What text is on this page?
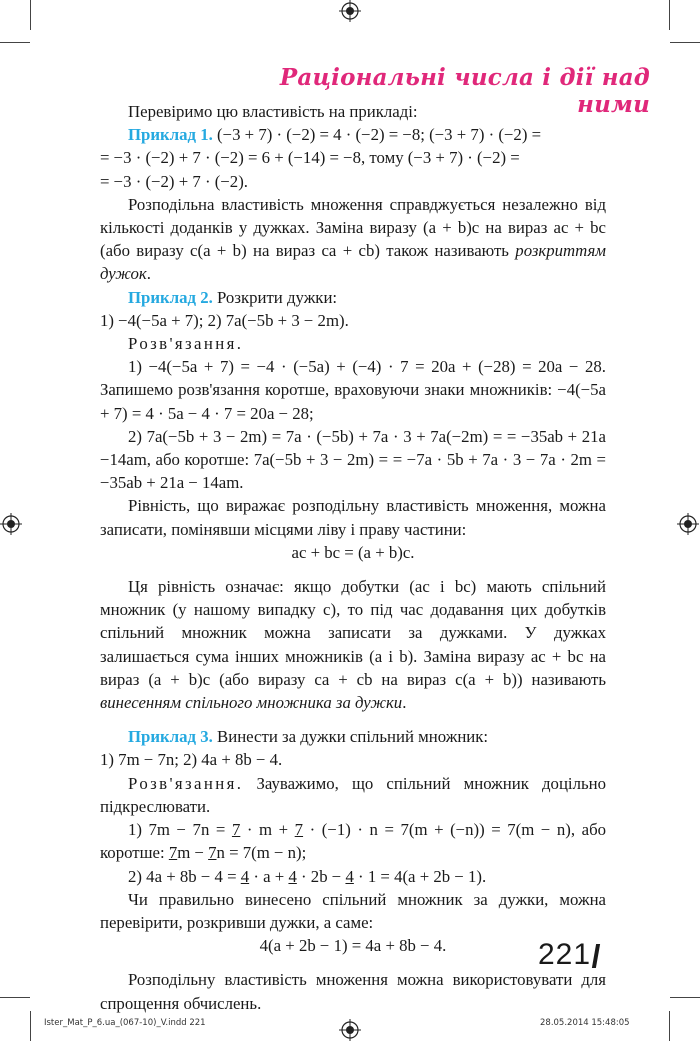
Раціональні числа і дії над ними

Перевіримо цю властивість на прикладі:

Приклад 1. (−3 + 7) · (−2) = 4 · (−2) = −8; (−3 + 7) · (−2) =

= −3 · (−2) + 7 · (−2) = 6 + (−14) = −8, тому (−3 + 7) · (−2) =

= −3 · (−2) + 7 · (−2).

Розподільна властивість множення справджується незалежно від кількості доданків у дужках. Заміна виразу (a + b)c на вираз ac + bc (або виразу c(a + b) на вираз ca + cb) також називають розкриттям дужок.

Приклад 2. Розкрити дужки:

1) −4(−5a + 7); 2) 7a(−5b + 3 − 2m).

Розв'язання.

1) −4(−5a + 7) = −4 · (−5a) + (−4) · 7 = 20a + (−28) = 20a − 28. Запишемо розв'язання коротше, враховуючи знаки множників: −4(−5a + 7) = 4 · 5a − 4 · 7 = 20a − 28;

2) 7a(−5b + 3 − 2m) = 7a · (−5b) + 7a · 3 + 7a(−2m) = = −35ab + 21a −14am, або коротше: 7a(−5b + 3 − 2m) = = −7a · 5b + 7a · 3 − 7a · 2m = −35ab + 21a − 14am.

Рівність, що виражає розподільну властивість множення, можна записати, помінявши місцями ліву і праву частини:

ac + bc = (a + b)c.

Ця рівність означає: якщо добутки (ac і bc) мають спільний множник (у нашому випадку c), то під час додавання цих добутків спільний множник можна записати за дужками. У дужках залишається сума інших множників (a і b). Заміна виразу ac + bc на вираз (a + b)c (або виразу ca + cb на вираз c(a + b)) називають винесенням спільного множника за дужки.

Приклад 3. Винести за дужки спільний множник:

1) 7m − 7n; 2) 4a + 8b − 4.

Розв'язання. Зауважимо, що спільний множник доцільно підкреслювати.

1) 7m − 7n = 7 · m + 7 · (−1) · n = 7(m + (−n)) = 7(m − n), або коротше: 7m − 7n = 7(m − n);

2) 4a + 8b − 4 = 4 · a + 4 · 2b − 4 · 1 = 4(a + 2b − 1).

Чи правильно винесено спільний множник за дужки, можна перевірити, розкривши дужки, а саме:

4(a + 2b − 1) = 4a + 8b − 4.

Розподільну властивість множення можна використовувати для спрощення обчислень.

221
Ister_Mat_P_6.ua_(067-10)_V.indd 221	28.05.2014 15:48:05
